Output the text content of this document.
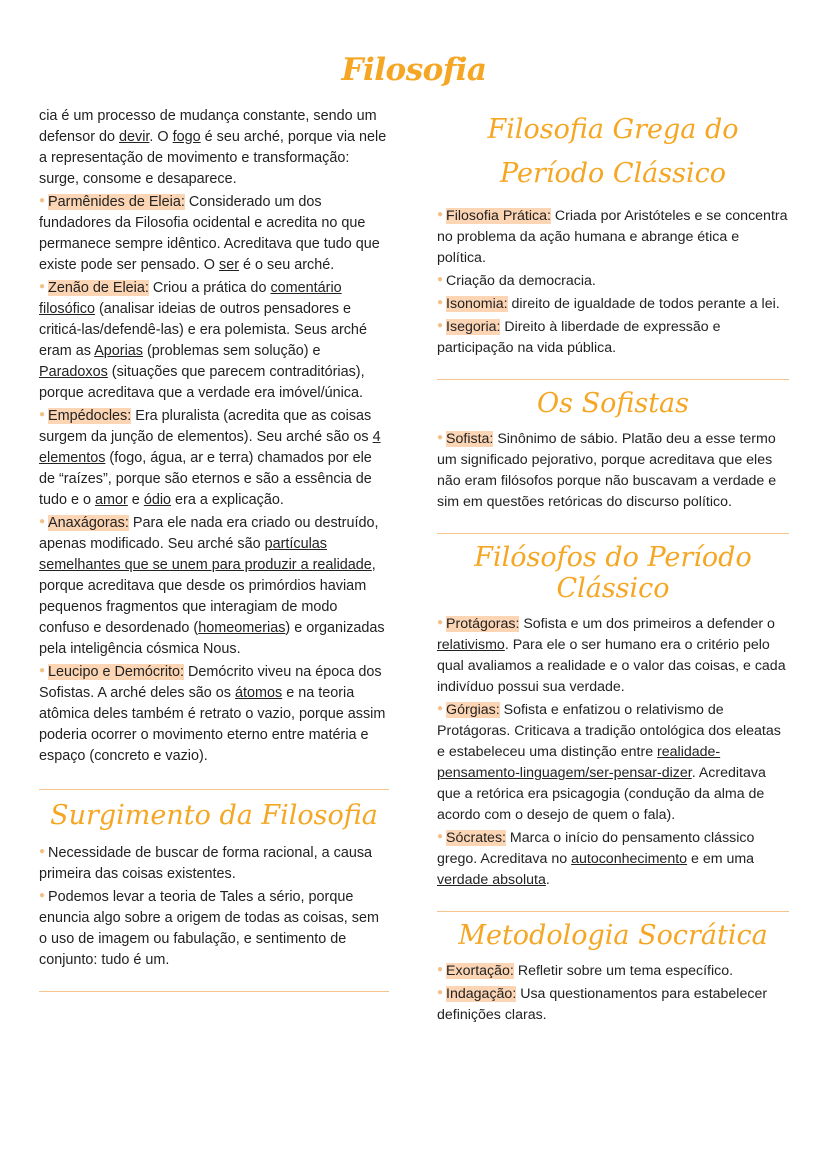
Filosofia

cia é um processo de mudança constante, sendo um defensor do devir. O fogo é seu arché, porque via nele a representação de movimento e transformação: surge, consome e desaparece.

● Parmênides de Eleia: Considerado um dos fundadores da Filosofia ocidental e acredita no que permanece sempre idêntico. Acreditava que tudo que existe pode ser pensado. O ser é o seu arché.

● Zenão de Eleia: Criou a prática do comentário filosófico (analisar ideias de outros pensadores e criticá-las/defendê-las) e era polemista. Seus arché eram as Aporias (problemas sem solução) e Paradoxos (situações que parecem contraditórias), porque acreditava que a verdade era imóvel/única.

● Empédocles: Era pluralista (acredita que as coisas surgem da junção de elementos). Seu arché são os 4 elementos (fogo, água, ar e terra) chamados por ele de “raízes”, porque são eternos e são a essência de tudo e o amor e ódio era a explicação.

● Anaxágoras: Para ele nada era criado ou destruído, apenas modificado. Seu arché são partículas semelhantes que se unem para produzir a realidade, porque acreditava que desde os primórdios haviam pequenos fragmentos que interagiam de modo confuso e desordenado (homeomerias) e organizadas pela inteligência cósmica Nous.

● Leucipo e Demócrito: Demócrito viveu na época dos Sofistas. A arché deles são os átomos e na teoria atômica deles também é retrato o vazio, porque assim poderia ocorrer o movimento eterno entre matéria e espaço (concreto e vazio).

Surgimento da Filosofia

● Necessidade de buscar de forma racional, a causa primeira das coisas existentes.

● Podemos levar a teoria de Tales a sério, porque enuncia algo sobre a origem de todas as coisas, sem o uso de imagem ou fabulação, e sentimento de conjunto: tudo é um.

Filosofia Grega do Período Clássico

● Filosofia Prática: Criada por Aristóteles e se concentra no problema da ação humana e abrange ética e política.

● Criação da democracia.

● Isonomia: direito de igualdade de todos perante a lei.

● Isegoria: Direito à liberdade de expressão e participação na vida pública.

Os Sofistas

● Sofista: Sinônimo de sábio. Platão deu a esse termo um significado pejorativo, porque acreditava que eles não eram filósofos porque não buscavam a verdade e sim em questões retóricas do discurso político.

Filósofos do Período Clássico

● Protágoras: Sofista e um dos primeiros a defender o relativismo. Para ele o ser humano era o critério pelo qual avaliamos a realidade e o valor das coisas, e cada indivíduo possui sua verdade.

● Górgias: Sofista e enfatizou o relativismo de Protágoras. Criticava a tradição ontológica dos eleatas e estabeleceu uma distinção entre realidade-pensamento-linguagem/ser-pensar-dizer. Acreditava que a retórica era psicagogia (condução da alma de acordo com o desejo de quem o fala).

● Sócrates: Marca o início do pensamento clássico grego. Acreditava no autoconhecimento e em uma verdade absoluta.

Metodologia Socrática

● Exortação: Refletir sobre um tema específico.

● Indagação: Usa questionamentos para estabelecer definições claras.
